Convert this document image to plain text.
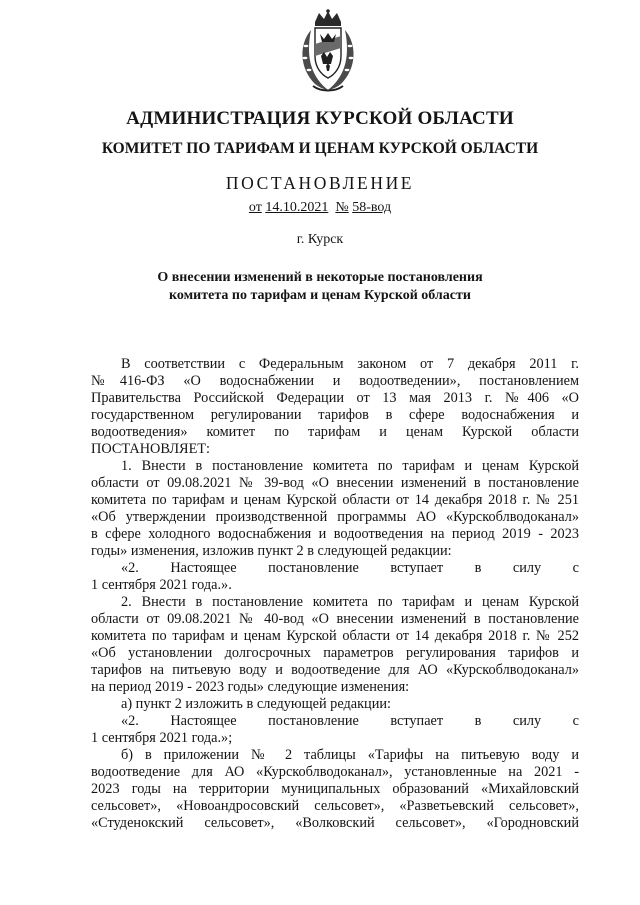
АДМИНИСТРАЦИЯ КУРСКОЙ ОБЛАСТИ
КОМИТЕТ ПО ТАРИФАМ И ЦЕНАМ КУРСКОЙ ОБЛАСТИ
ПОСТАНОВЛЕНИЕ
от 14.10.2021 № 58-вод
г. Курск
О внесении изменений в некоторые постановления
комитета по тарифам и ценам Курской области
В соответствии с Федеральным законом от 7 декабря 2011 г.
№416-ФЗ «О водоснабжении и водоотведении», постановлением
Правительства Российской Федерации от 13 мая 2013 г. №406 «О
государственном регулировании тарифов в сфере водоснабжения и
водоотведения» комитет по тарифам и ценам Курской области
ПОСТАНОВЛЯЕТ:
1. Внести в постановление комитета по тарифам и ценам Курской
области от 09.08.2021 № 39-вод «О внесении изменений в постановление
комитета по тарифам и ценам Курской области от 14 декабря 2018 г. № 251
«Об утверждении производственной программы АО «Курскоблводоканал»
в сфере холодного водоснабжения и водоотведения на период 2019 - 2023
годы» изменения, изложив пункт 2 в следующей редакции:
«2. Настоящее постановление вступает в силу с
1 сентября 2021 года.».
2. Внести в постановление комитета по тарифам и ценам Курской
области от 09.08.2021 № 40-вод «О внесении изменений в постановление
комитета по тарифам и ценам Курской области от 14 декабря 2018 г. № 252
«Об установлении долгосрочных параметров регулирования тарифов и
тарифов на питьевую воду и водоотведение для АО «Курскоблводоканал»
на период 2019 - 2023 годы» следующие изменения:
а) пункт 2 изложить в следующей редакции:
«2. Настоящее постановление вступает в силу с
1 сентября 2021 года.»;
б) в приложении № 2 таблицы «Тарифы на питьевую воду и
водоотведение для АО «Курскоблводоканал», установленные на 2021 -
2023 годы на территории муниципальных образований «Михайловский
сельсовет», «Новоандросовский сельсовет», «Разветьевский сельсовет»,
«Студенокский сельсовет», «Волковский сельсовет», «Городновский
